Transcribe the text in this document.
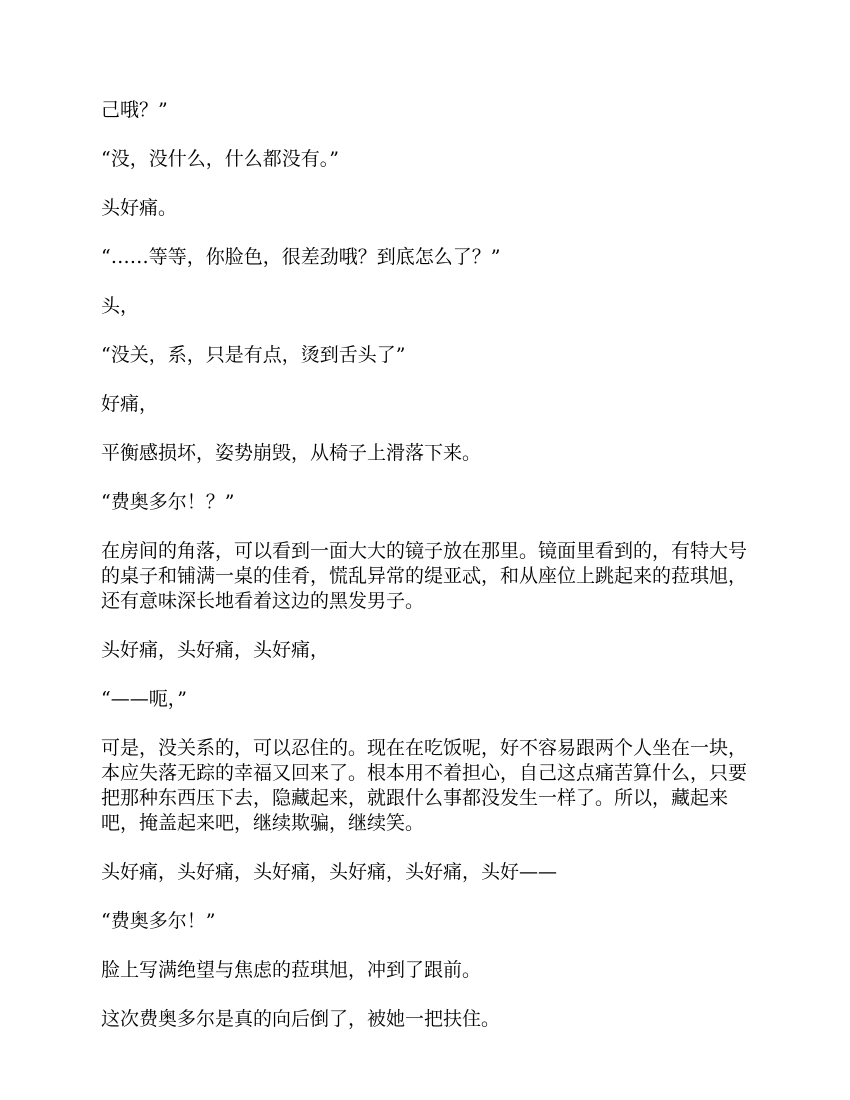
己哦？”

“没，没什么，什么都没有。”

头好痛。

“……等等，你脸色，很差劲哦？到底怎么了？”

头，

“没关，系，只是有点，烫到舌头了”

好痛，

平衡感损坏，姿势崩毁，从椅子上滑落下来。

“费奥多尔！？”

在房间的角落，可以看到一面大大的镜子放在那里。镜面里看到的，有特大号的桌子和铺满一桌的佳肴，慌乱异常的缇亚忒，和从座位上跳起来的菈琪旭，还有意味深长地看着这边的黑发男子。

头好痛，头好痛，头好痛，

“——呃，”

可是，没关系的，可以忍住的。现在在吃饭呢，好不容易跟两个人坐在一块，本应失落无踪的幸福又回来了。根本用不着担心，自己这点痛苦算什么，只要把那种东西压下去，隐藏起来，就跟什么事都没发生一样了。所以，藏起来吧，掩盖起来吧，继续欺骗，继续笑。

头好痛，头好痛，头好痛，头好痛，头好痛，头好——

“费奥多尔！”

脸上写满绝望与焦虑的菈琪旭，冲到了跟前。

这次费奥多尔是真的向后倒了，被她一把扶住。
